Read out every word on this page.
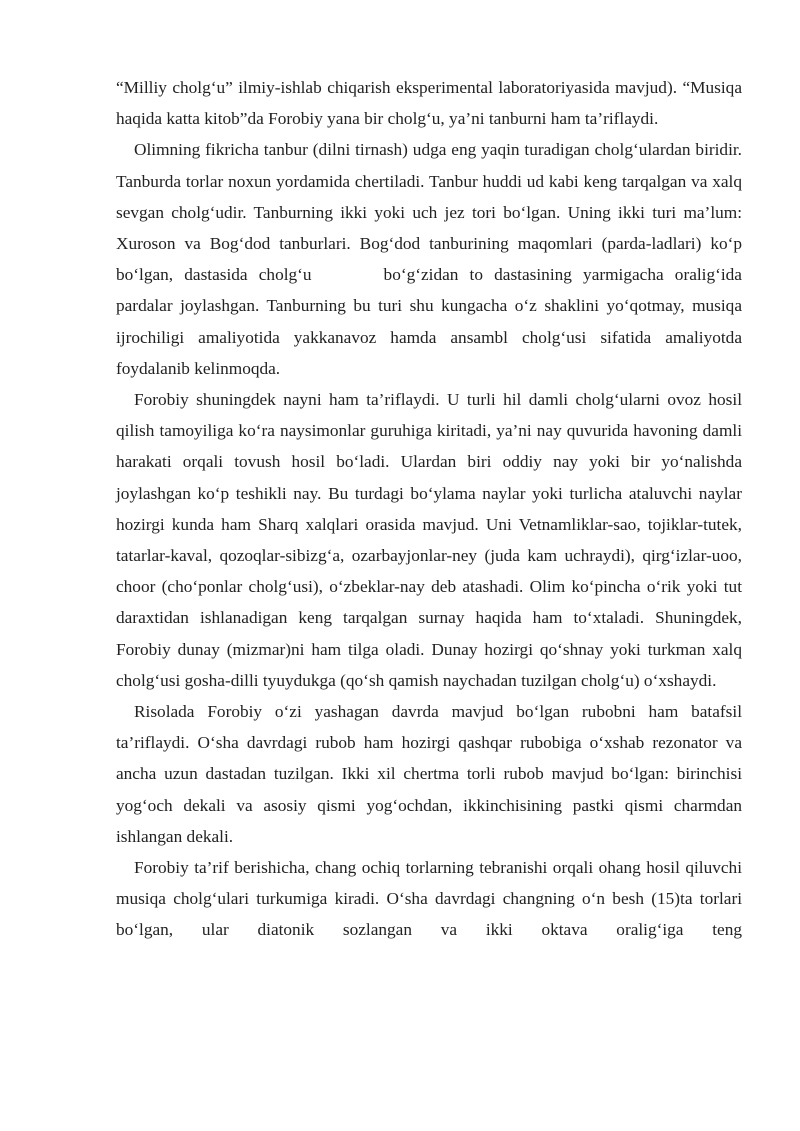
“Milliy cholg‘u” ilmiy-ishlab chiqarish eksperimental laboratoriyasida mavjud). “Musiqa haqida katta kitob”da Forobiy yana bir cholg‘u, ya’ni tanburni ham ta’riflaydi.

Olimning fikricha tanbur (dilni tirnash) udga eng yaqin turadigan cholg‘ulardan biridir. Tanburda torlar noxun yordamida chertiladi. Tanbur huddi ud kabi keng tarqalgan va xalq sevgan cholg‘udir. Tanburning ikki yoki uch jez tori bo‘lgan. Uning ikki turi ma’lum: Xuroson va Bog‘dod tanburlari. Bog‘dod tanburining maqomlari (parda-ladlari) ko‘p bo‘lgan, dastasida cholg‘u	bo‘g‘zidan to dastasining yarmigacha oralig‘ida pardalar joylashgan. Tanburning bu turi shu kungacha o‘z shaklini yo‘qotmay, musiqa ijrochiligi amaliyotida yakkanavoz hamda ansambl cholg‘usi sifatida amaliyotda foydalanib kelinmoqda.

Forobiy shuningdek nayni ham ta’riflaydi. U turli hil damli cholg‘ularni ovoz hosil qilish tamoyiliga ko‘ra naysimonlar guruhiga kiritadi, ya’ni nay quvurida havoning damli harakati orqali tovush hosil bo‘ladi. Ulardan biri oddiy nay yoki bir yo‘nalishda joylashgan ko‘p teshikli nay. Bu turdagi bo‘ylama naylar yoki turlicha ataluvchi naylar hozirgi kunda ham Sharq xalqlari orasida mavjud. Uni Vetnamliklar-sao, tojiklar-tutek, tatarlar-kaval, qozoqlar-sibizg‘a, ozarbayjonlar-ney (juda kam uchraydi), qirg‘izlar-uoo, choor (cho‘ponlar cholg‘usi), o‘zbeklar-nay deb atashadi. Olim ko‘pincha o‘rik yoki tut daraxtidan ishlanadigan keng tarqalgan surnay haqida ham to‘xtaladi. Shuningdek, Forobiy dunay (mizmar)ni ham tilga oladi. Dunay hozirgi qo‘shnay yoki turkman xalq cholg‘usi gosha-dilli tyuydukga (qo‘sh qamish naychadan tuzilgan cholg‘u) o‘xshaydi.

Risolada Forobiy o‘zi yashagan davrda mavjud bo‘lgan rubobni ham batafsil ta’riflaydi. O‘sha davrdagi rubob ham hozirgi qashqar rubobiga o‘xshab rezonator va ancha uzun dastadan tuzilgan. Ikki xil chertma torli rubob mavjud bo‘lgan: birinchisi yog‘och dekali va asosiy qismi yog‘ochdan, ikkinchisining pastki qismi charmdan ishlangan dekali.

Forobiy ta’rif berishicha, chang ochiq torlarning tebranishi orqali ohang hosil qiluvchi musiqa cholg‘ulari turkumiga kiradi. O‘sha davrdagi changning o‘n besh (15)ta torlari bo‘lgan, ular diatonik sozlangan va ikki oktava oralig‘iga teng
